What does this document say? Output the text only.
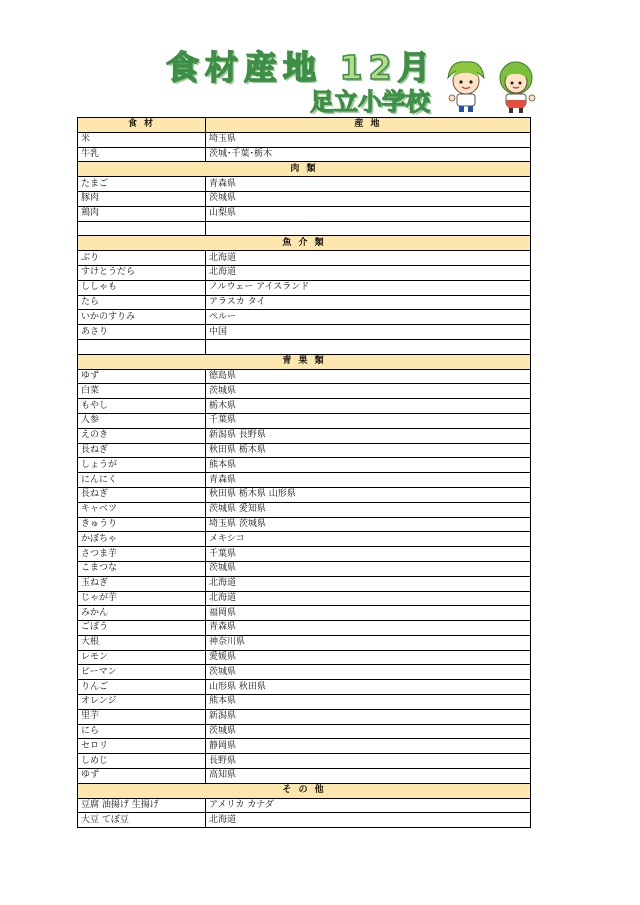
食材産地 12月
足立小学校
食 材	産 地
米	埼玉県
牛乳	茨城･千葉･栃木
肉 類	
たまご	青森県
豚肉	茨城県
鶏肉	山梨県

魚 介 類	
ぶり	北海道
すけとうだら	北海道
ししゃも	ノルウェー アイスランド
たら	アラスカ タイ
いかのすりみ	ペルー
あさり	中国

青 果 類	
ゆず	徳島県
白菜	茨城県
もやし	栃木県
人参	千葉県
えのき	新潟県 長野県
長ねぎ	秋田県 栃木県
しょうが	熊本県
にんにく	青森県
長ねぎ	秋田県 栃木県 山形県
キャベツ	茨城県 愛知県
きゅうり	埼玉県 茨城県
かぼちゃ	メキシコ
さつま芋	千葉県
こまつな	茨城県
玉ねぎ	北海道
じゃが芋	北海道
みかん	福岡県
ごぼう	青森県
大根	神奈川県
レモン	愛媛県
ピーマン	茨城県
りんご	山形県 秋田県
オレンジ	熊本県
里芋	新潟県
にら	茨城県
セロリ	静岡県
しめじ	長野県
ゆず	高知県
そ の 他	
豆腐 油揚げ 生揚げ	アメリカ カナダ
大豆 てぼ豆	北海道
